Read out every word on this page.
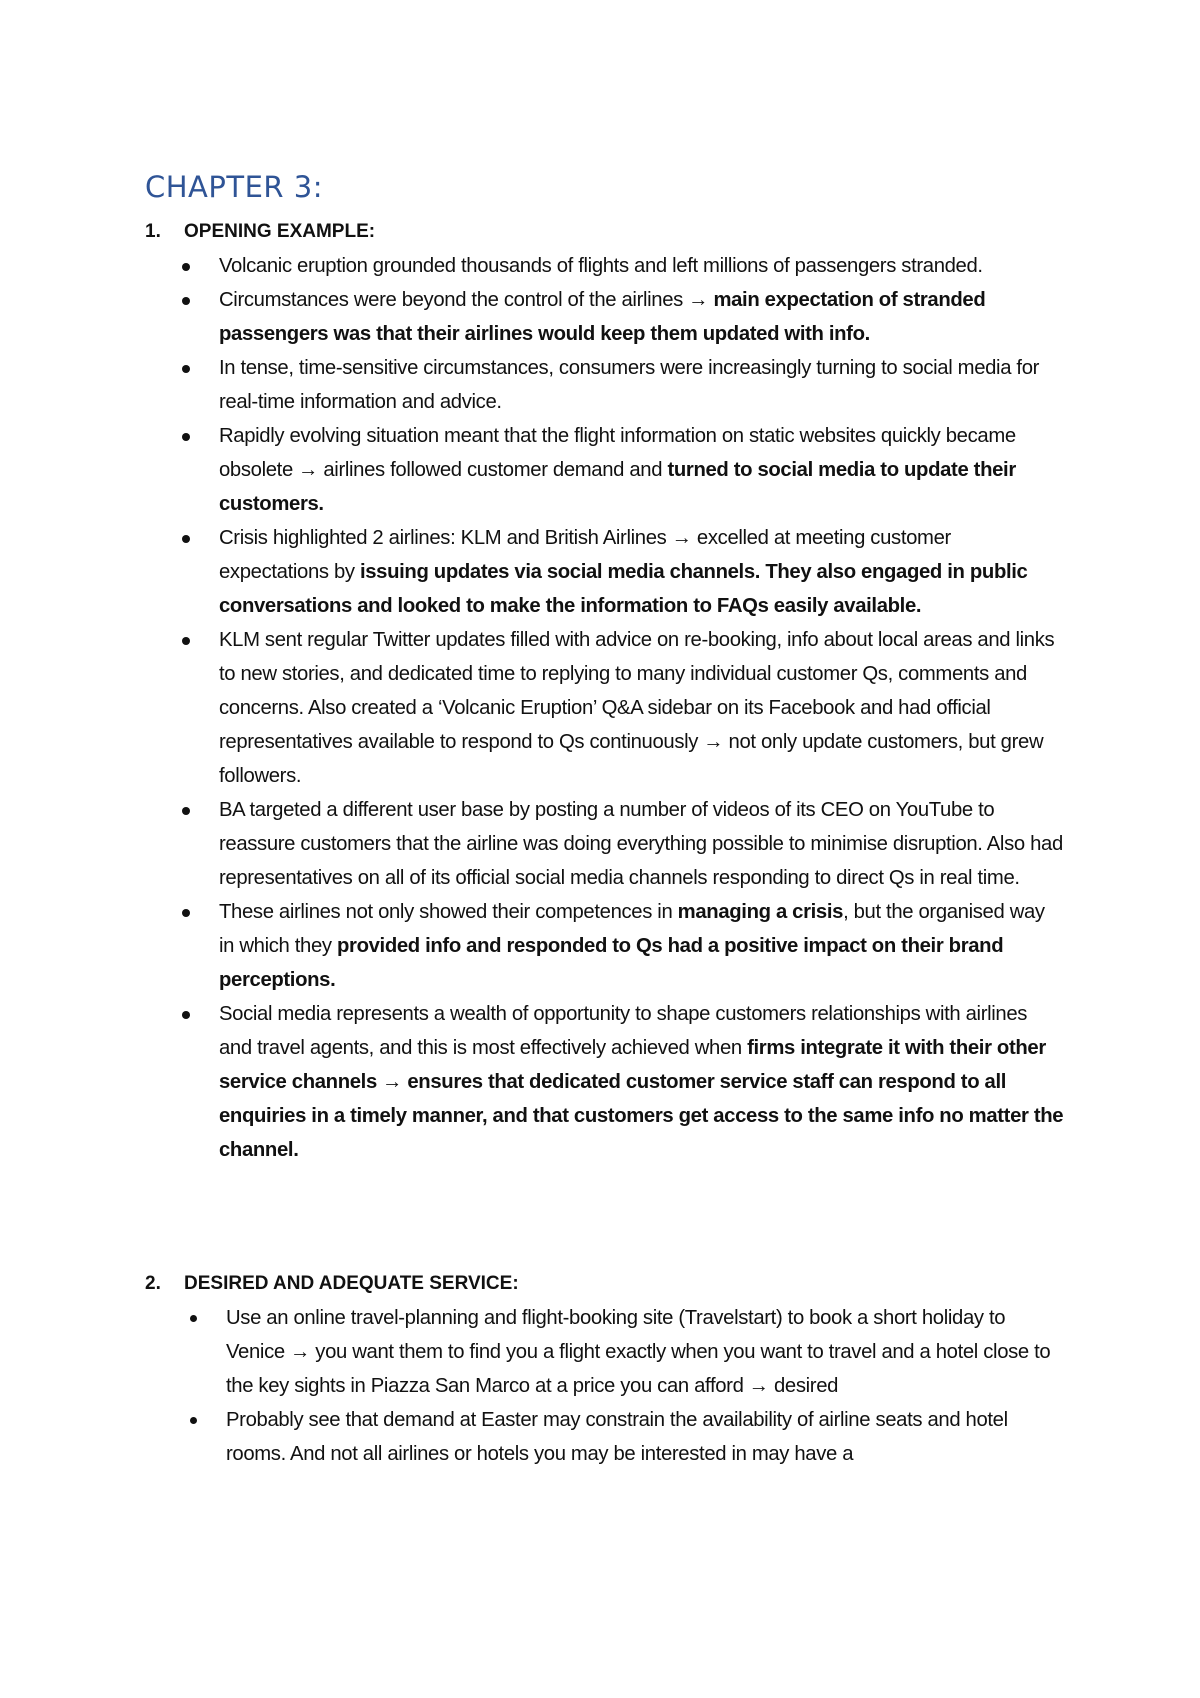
CHAPTER 3:
1.	OPENING EXAMPLE:
Volcanic eruption grounded thousands of flights and left millions of passengers stranded.
Circumstances were beyond the control of the airlines → main expectation of stranded passengers was that their airlines would keep them updated with info.
In tense, time-sensitive circumstances, consumers were increasingly turning to social media for real-time information and advice.
Rapidly evolving situation meant that the flight information on static websites quickly became obsolete → airlines followed customer demand and turned to social media to update their customers.
Crisis highlighted 2 airlines: KLM and British Airlines → excelled at meeting customer expectations by issuing updates via social media channels. They also engaged in public conversations and looked to make the information to FAQs easily available.
KLM sent regular Twitter updates filled with advice on re-booking, info about local areas and links to new stories, and dedicated time to replying to many individual customer Qs, comments and concerns. Also created a ‘Volcanic Eruption’ Q&A sidebar on its Facebook and had official representatives available to respond to Qs continuously → not only update customers, but grew followers.
BA targeted a different user base by posting a number of videos of its CEO on YouTube to reassure customers that the airline was doing everything possible to minimise disruption. Also had representatives on all of its official social media channels responding to direct Qs in real time.
These airlines not only showed their competences in managing a crisis, but the organised way in which they provided info and responded to Qs had a positive impact on their brand perceptions.
Social media represents a wealth of opportunity to shape customers relationships with airlines and travel agents, and this is most effectively achieved when firms integrate it with their other service channels → ensures that dedicated customer service staff can respond to all enquiries in a timely manner, and that customers get access to the same info no matter the channel.
2.	DESIRED AND ADEQUATE SERVICE:
Use an online travel-planning and flight-booking site (Travelstart) to book a short holiday to Venice → you want them to find you a flight exactly when you want to travel and a hotel close to the key sights in Piazza San Marco at a price you can afford → desired
Probably see that demand at Easter may constrain the availability of airline seats and hotel rooms. And not all airlines or hotels you may be interested in may have a
